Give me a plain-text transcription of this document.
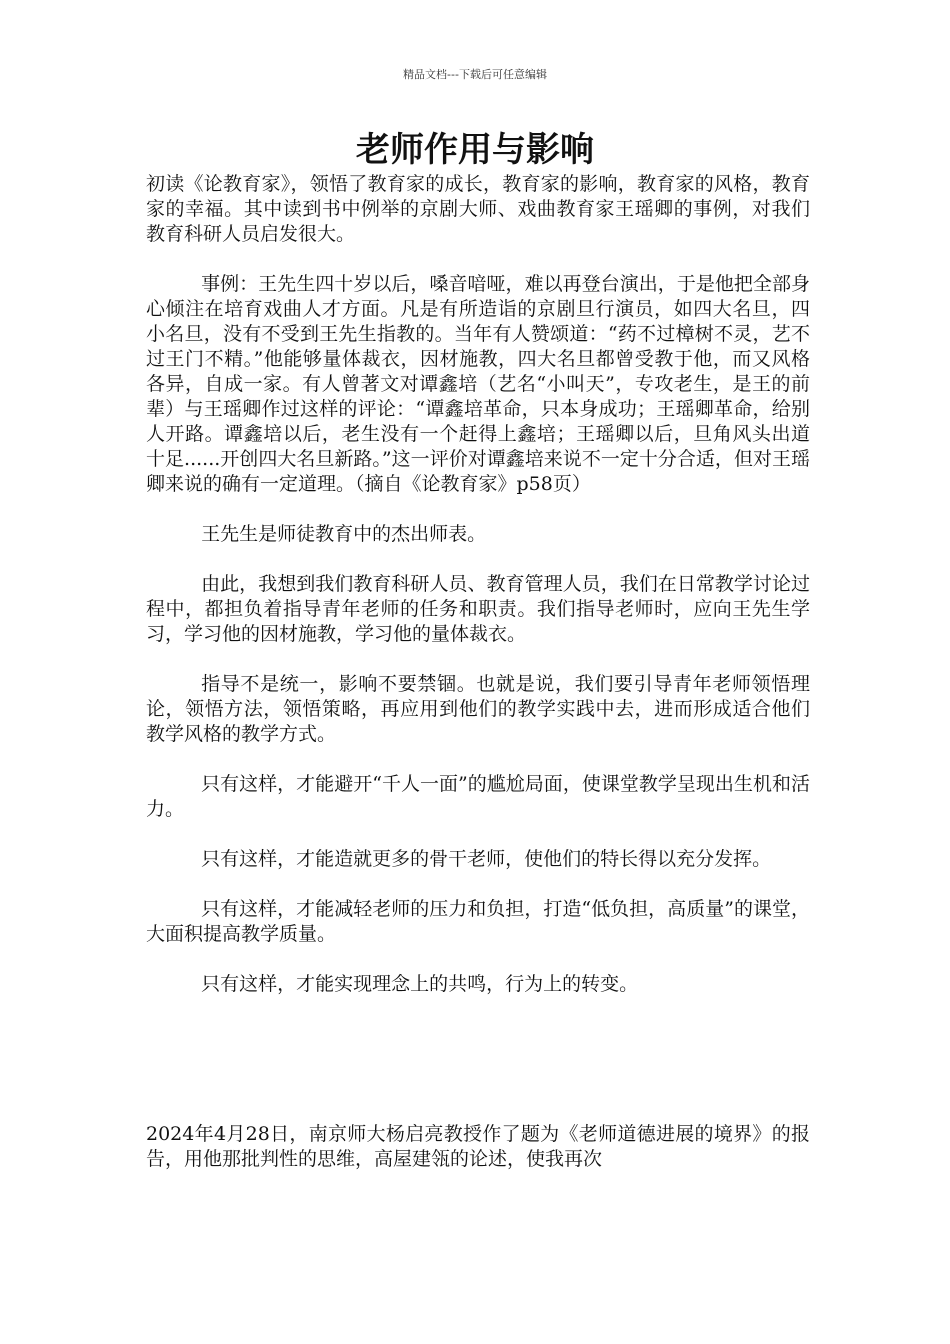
精品文档---下载后可任意编辑
老师作用与影响

初读《论教育家》，领悟了教育家的成长，教育家的影响，教育家的风格，教育家的幸福。其中读到书中例举的京剧大师、戏曲教育家王瑶卿的事例，对我们教育科研人员启发很大。

事例：王先生四十岁以后，嗓音喑哑，难以再登台演出，于是他把全部身心倾注在培育戏曲人才方面。凡是有所造诣的京剧旦行演员，如四大名旦，四小名旦，没有不受到王先生指教的。当年有人赞颂道：“药不过樟树不灵，艺不过王门不精。”他能够量体裁衣，因材施教，四大名旦都曾受教于他，而又风格各异，自成一家。有人曾著文对谭鑫培（艺名“小叫天”，专攻老生，是王的前辈）与王瑶卿作过这样的评论：“谭鑫培革命，只本身成功；王瑶卿革命，给别人开路。谭鑫培以后，老生没有一个赶得上鑫培；王瑶卿以后，旦角风头出道十足......开创四大名旦新路。”这一评价对谭鑫培来说不一定十分合适，但对王瑶卿来说的确有一定道理。（摘自《论教育家》p58页）

王先生是师徒教育中的杰出师表。

由此，我想到我们教育科研人员、教育管理人员，我们在日常教学讨论过程中，都担负着指导青年老师的任务和职责。我们指导老师时，应向王先生学习，学习他的因材施教，学习他的量体裁衣。

指导不是统一，影响不要禁锢。也就是说，我们要引导青年老师领悟理论，领悟方法，领悟策略，再应用到他们的教学实践中去，进而形成适合他们教学风格的教学方式。

只有这样，才能避开“千人一面”的尴尬局面，使课堂教学呈现出生机和活力。

只有这样，才能造就更多的骨干老师，使他们的特长得以充分发挥。

只有这样，才能减轻老师的压力和负担，打造“低负担，高质量”的课堂，大面积提高教学质量。

只有这样，才能实现理念上的共鸣，行为上的转变。

2024年4月28日，南京师大杨启亮教授作了题为《老师道德进展的境界》的报告，用他那批判性的思维，高屋建瓴的论述，使我再次
